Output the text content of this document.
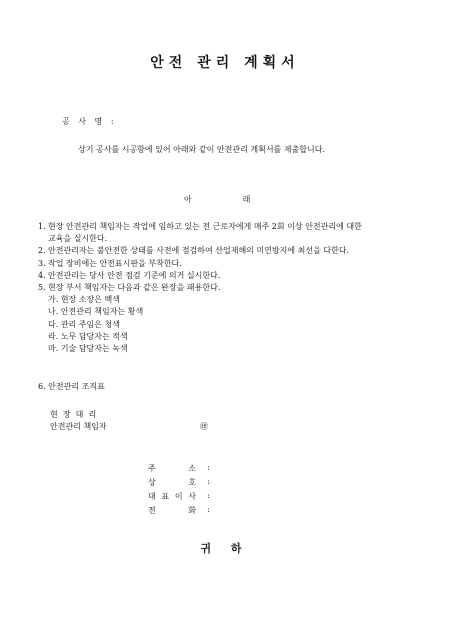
안전 관리 계획서
공 사 명 :
상기 공사를 시공함에 있어 아래와 같이 안전관리 계획서를 제출합니다.
아                    래
1. 현장 안전관리 책임자는 작업에 임하고 있는 전 근로자에게 매주 2회 이상 안전관리에 대한
교육을 실시한다.
2. 안전관리자는 불안전한 상태를 사전에 점검하여 산업재해의 미연방지에 최선을 다한다.
3. 작업 장비에는 안전표시판을 부착한다.
4. 안전관리는 당사 안전 점검 기준에 의거 실시한다.
5. 현장 부서 책임자는 다음과 같은 완장을 패용한다.
가. 현장 소장은 백색
나. 안전관리 책임자는 황색
다. 관리 주임은 청색
라. 노무 담당자는 적색
마. 기술 담당자는 녹색
6. 안전관리 조직표
현  장  대  리
안전관리 책임자	㊞
주	소	:
상	호	:
대 표 이 사	:
전	화	:
귀 하
